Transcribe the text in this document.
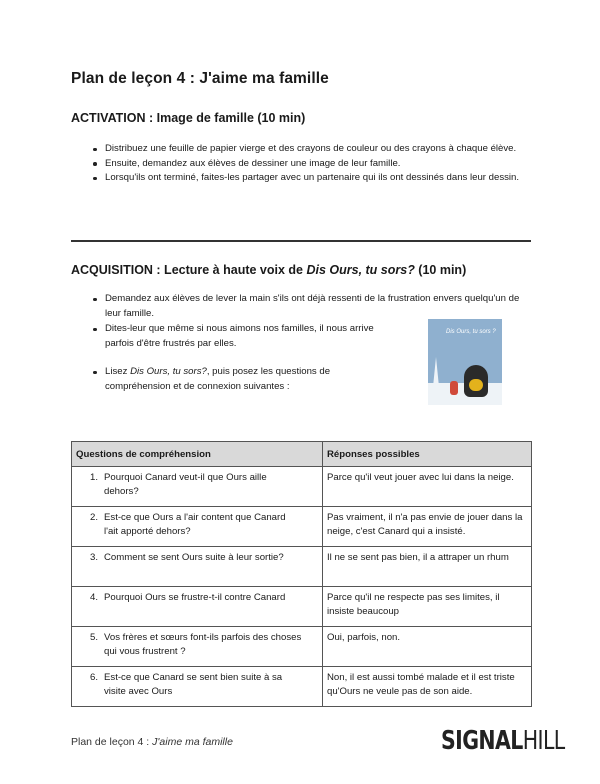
Plan de leçon 4 : J'aime ma famille
ACTIVATION : Image de famille (10 min)
Distribuez une feuille de papier vierge et des crayons de couleur ou des crayons à chaque élève.
Ensuite, demandez aux élèves de dessiner une image de leur famille.
Lorsqu'ils ont terminé, faites-les partager avec un partenaire qui ils ont dessinés dans leur dessin.
ACQUISITION : Lecture à haute voix de Dis Ours, tu sors? (10 min)
Demandez aux élèves de lever la main s'ils ont déjà ressenti de la frustration envers quelqu'un de leur famille.
Dites-leur que même si nous aimons nos familles, il nous arrive parfois d'être frustrés par elles.
Lisez Dis Ours, tu sors?, puis posez les questions de compréhension et de connexion suivantes :
Dis Ours, tu sors ?
Questions de compréhension	Réponses possibles
1. Pourquoi Canard veut-il que Ours aille dehors?	Parce qu'il veut jouer avec lui dans la neige.
2. Est-ce que Ours a l'air content que Canard l'ait apporté dehors?	Pas vraiment, il n'a pas envie de jouer dans la neige, c'est Canard qui a insisté.
3. Comment se sent Ours suite à leur sortie?	Il ne se sent pas bien, il a attraper un rhum
4. Pourquoi Ours se frustre-t-il contre Canard	Parce qu'il ne respecte pas ses limites, il insiste beaucoup
5. Vos frères et sœurs font-ils parfois des choses qui vous frustrent ?	Oui, parfois, non.
6. Est-ce que Canard se sent bien suite à sa visite avec Ours	Non, il est aussi tombé malade et il est triste qu'Ours ne veule pas de son aide.
Plan de leçon 4 : J'aime ma famille	SIGNALHILL
